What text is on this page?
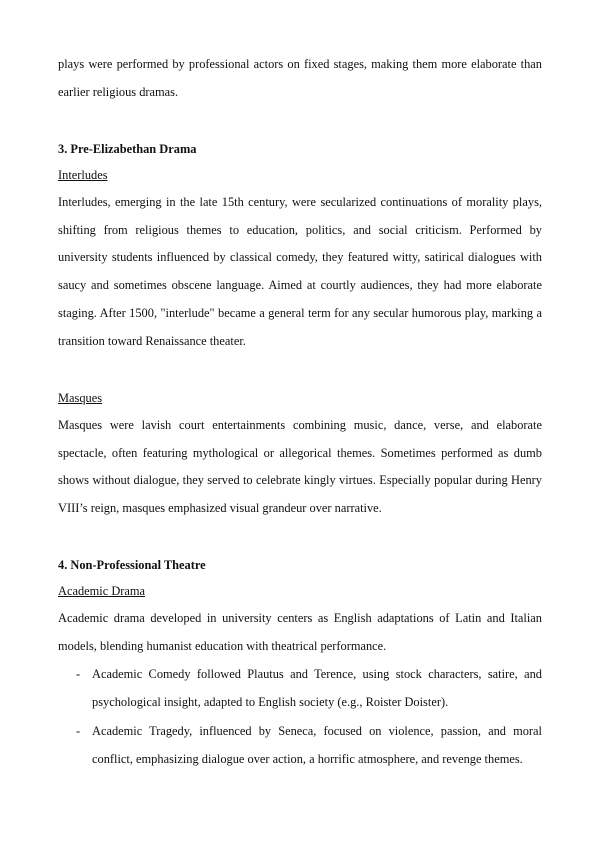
plays were performed by professional actors on fixed stages, making them more elaborate than earlier religious dramas.

3. Pre-Elizabethan Drama

Interludes

Interludes, emerging in the late 15th century, were secularized continuations of morality plays, shifting from religious themes to education, politics, and social criticism. Performed by university students influenced by classical comedy, they featured witty, satirical dialogues with saucy and sometimes obscene language. Aimed at courtly audiences, they had more elaborate staging. After 1500, "interlude" became a general term for any secular humorous play, marking a transition toward Renaissance theater.

Masques

Masques were lavish court entertainments combining music, dance, verse, and elaborate spectacle, often featuring mythological or allegorical themes. Sometimes performed as dumb shows without dialogue, they served to celebrate kingly virtues. Especially popular during Henry VIII’s reign, masques emphasized visual grandeur over narrative.

4. Non-Professional Theatre

Academic Drama

Academic drama developed in university centers as English adaptations of Latin and Italian models, blending humanist education with theatrical performance.

- Academic Comedy followed Plautus and Terence, using stock characters, satire, and psychological insight, adapted to English society (e.g., Roister Doister).

- Academic Tragedy, influenced by Seneca, focused on violence, passion, and moral conflict, emphasizing dialogue over action, a horrific atmosphere, and revenge themes.
